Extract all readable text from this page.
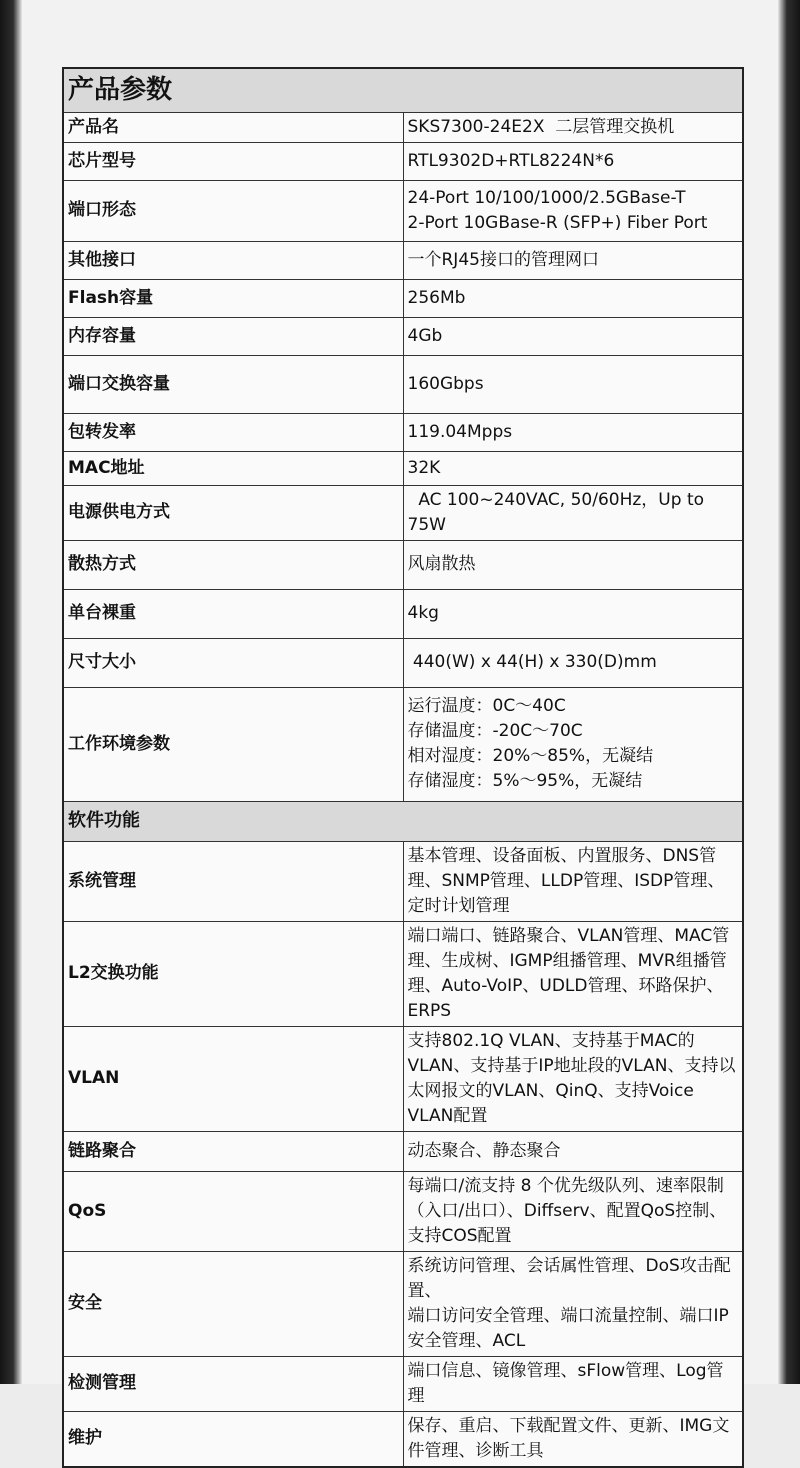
产品参数	
产品名	SKS7300-24E2X  二层管理交换机

芯片型号	RTL9302D+RTL8224N*6

端口形态	24-Port 10/100/1000/2.5GBase-T
2-Port 10GBase-R (SFP+) Fiber Port

其他接口	一个RJ45接口的管理网口

Flash容量	256Mb

内存容量	4Gb

端口交换容量	160Gbps

包转发率	119.04Mpps

MAC地址	32K

电源供电方式	AC 100~240VAC, 50/60Hz，Up to 75W

散热方式	风扇散热

单台裸重	4kg

尺寸大小	440(W) x 44(H) x 330(D)mm

工作环境参数	运行温度：0C～40C
存储温度：-20C～70C
相对湿度：20%～85%，无凝结
存储湿度：5%～95%，无凝结

软件功能	
系统管理	基本管理、设备面板、内置服务、DNS管理、SNMP管理、LLDP管理、ISDP管理、定时计划管理

L2交换功能	端口端口、链路聚合、VLAN管理、MAC管理、生成树、IGMP组播管理、MVR组播管理、Auto-VoIP、UDLD管理、环路保护、ERPS

VLAN	支持802.1Q VLAN、支持基于MAC的VLAN、支持基于IP地址段的VLAN、支持以太网报文的VLAN、QinQ、支持Voice VLAN配置

链路聚合	动态聚合、静态聚合

QoS	每端口/流支持 8 个优先级队列、速率限制（入口/出口）、Diffserv、配置QoS控制、支持COS配置

安全	系统访问管理、会话属性管理、DoS攻击配置、
端口访问安全管理、端口流量控制、端口IP安全管理、ACL

检测管理	端口信息、镜像管理、sFlow管理、Log管理

维护	保存、重启、下载配置文件、更新、IMG文件管理、诊断工具
